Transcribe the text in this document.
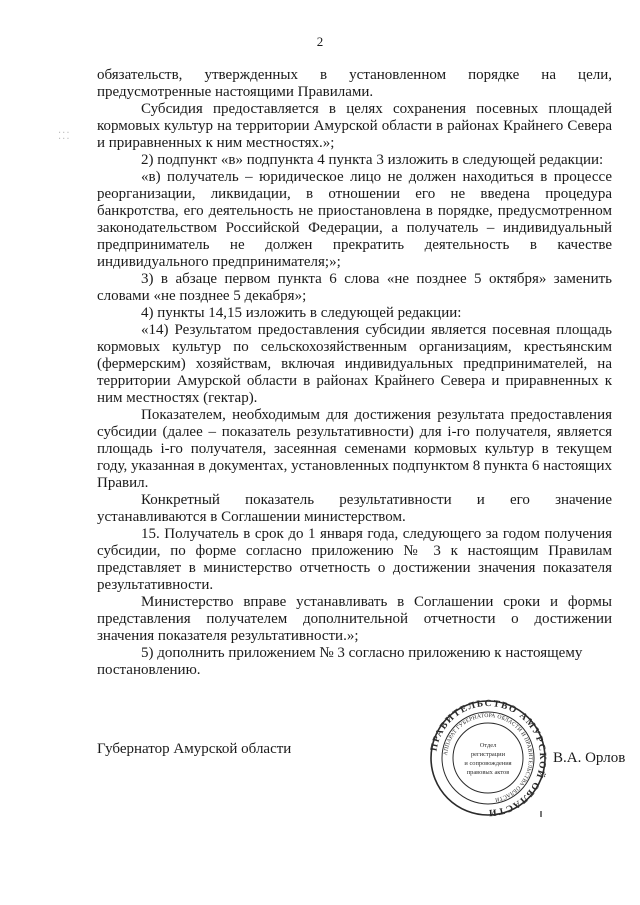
2
⁚⁚⁚

обязательств, утвержденных в установленном порядке на цели, предусмотренные настоящими Правилами.

Субсидия предоставляется в целях сохранения посевных площадей кормовых культур на территории Амурской области в районах Крайнего Севера и приравненных к ним местностях.»;

2) подпункт «в» подпункта 4 пункта 3 изложить в следующей редакции:

«в) получатель – юридическое лицо не должен находиться в процессе реорганизации, ликвидации, в отношении его не введена процедура банкротства, его деятельность не приостановлена в порядке, предусмотренном законодательством Российской Федерации, а получатель – индивидуальный предприниматель не должен прекратить деятельность в качестве индивидуального предпринимателя;»;

3) в абзаце первом пункта 6 слова «не позднее 5 октября» заменить словами «не позднее 5 декабря»;

4) пункты 14,15 изложить в следующей редакции:

«14) Результатом предоставления субсидии является посевная площадь кормовых культур по сельскохозяйственным организациям, крестьянским (фермерским) хозяйствам, включая индивидуальных предпринимателей, на территории Амурской области в районах Крайнего Севера и приравненных к ним местностях (гектар).

Показателем, необходимым для достижения результата предоставления субсидии (далее – показатель результативности) для i-го получателя, является площадь i-го получателя, засеянная семенами кормовых культур в текущем году, указанная в документах, установленных подпунктом 8 пункта 6 настоящих Правил.

Конкретный показатель результативности и его значение устанавливаются в Соглашении министерством.

15. Получатель в срок до 1 января года, следующего за годом получения субсидии, по форме согласно приложению № 3 к настоящим Правилам представляет в министерство отчетность о достижении значения показателя результативности.

Министерство вправе устанавливать в Соглашении сроки и формы представления получателем дополнительной отчетности о достижении значения показателя результативности.»;

5) дополнить приложением № 3 согласно приложению к настоящему постановлению.

Губернатор Амурской области	ПРАВИТЕЛЬСТВО АМУРСКОЙ ОБЛАСТИ
АППАРАТ ГУБЕРНАТОРА ОБЛАСТИ И ПРАВИТЕЛЬСТВА ОБЛАСТИ
Отдел
регистрации
и сопровождения
правовых актов
В.А. Орлов
